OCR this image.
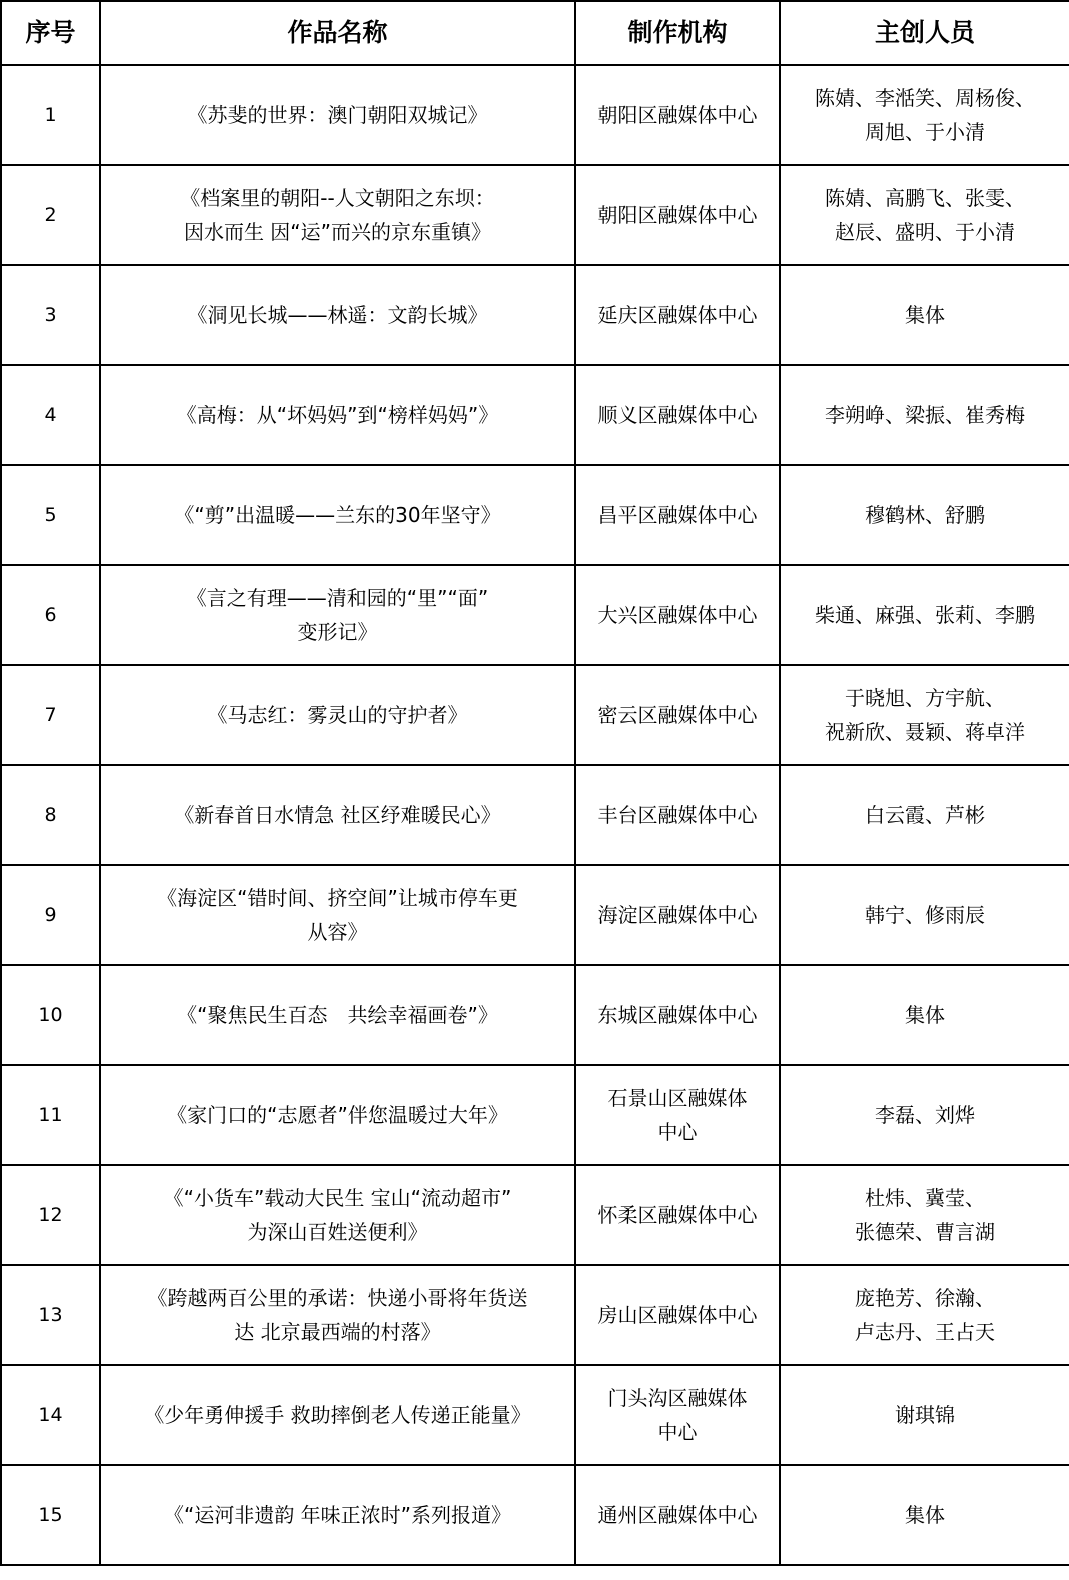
序号	作品名称	制作机构	主创人员
1	《苏斐的世界：澳门朝阳双城记》	朝阳区融媒体中心	陈婧、李湉笑、周杨俊、
周旭、于小清

2	《档案里的朝阳--人文朝阳之东坝：
因水而生 因“运”而兴的京东重镇》	朝阳区融媒体中心	陈婧、高鹏飞、张雯、
赵辰、盛明、于小清

3	《洞见长城——林遥：文韵长城》	延庆区融媒体中心	集体

4	《高梅：从“坏妈妈”到“榜样妈妈”》	顺义区融媒体中心	李朔峥、梁振、崔秀梅

5	《“剪”出温暖——兰东的30年坚守》	昌平区融媒体中心	穆鹤林、舒鹏

6	《言之有理——清和园的“里”“面”
变形记》	大兴区融媒体中心	柴通、麻强、张莉、李鹏

7	《马志红：雾灵山的守护者》	密云区融媒体中心	于晓旭、方宇航、
祝新欣、聂颖、蒋卓洋

8	《新春首日水情急 社区纾难暖民心》	丰台区融媒体中心	白云霞、芦彬

9	《海淀区“错时间、挤空间”让城市停车更
从容》	海淀区融媒体中心	韩宁、修雨辰

10	《“聚焦民生百态　共绘幸福画卷”》	东城区融媒体中心	集体

11	《家门口的“志愿者”伴您温暖过大年》	石景山区融媒体
中心	李磊、刘烨

12	《“小货车”载动大民生 宝山“流动超市”
为深山百姓送便利》	怀柔区融媒体中心	杜炜、冀莹、
张德荣、曹言湖

13	《跨越两百公里的承诺：快递小哥将年货送
达 北京最西端的村落》	房山区融媒体中心	庞艳芳、徐瀚、
卢志丹、王占天

14	《少年勇伸援手 救助摔倒老人传递正能量》	门头沟区融媒体
中心	谢琪锦

15	《“运河非遗韵 年味正浓时”系列报道》	通州区融媒体中心	集体
